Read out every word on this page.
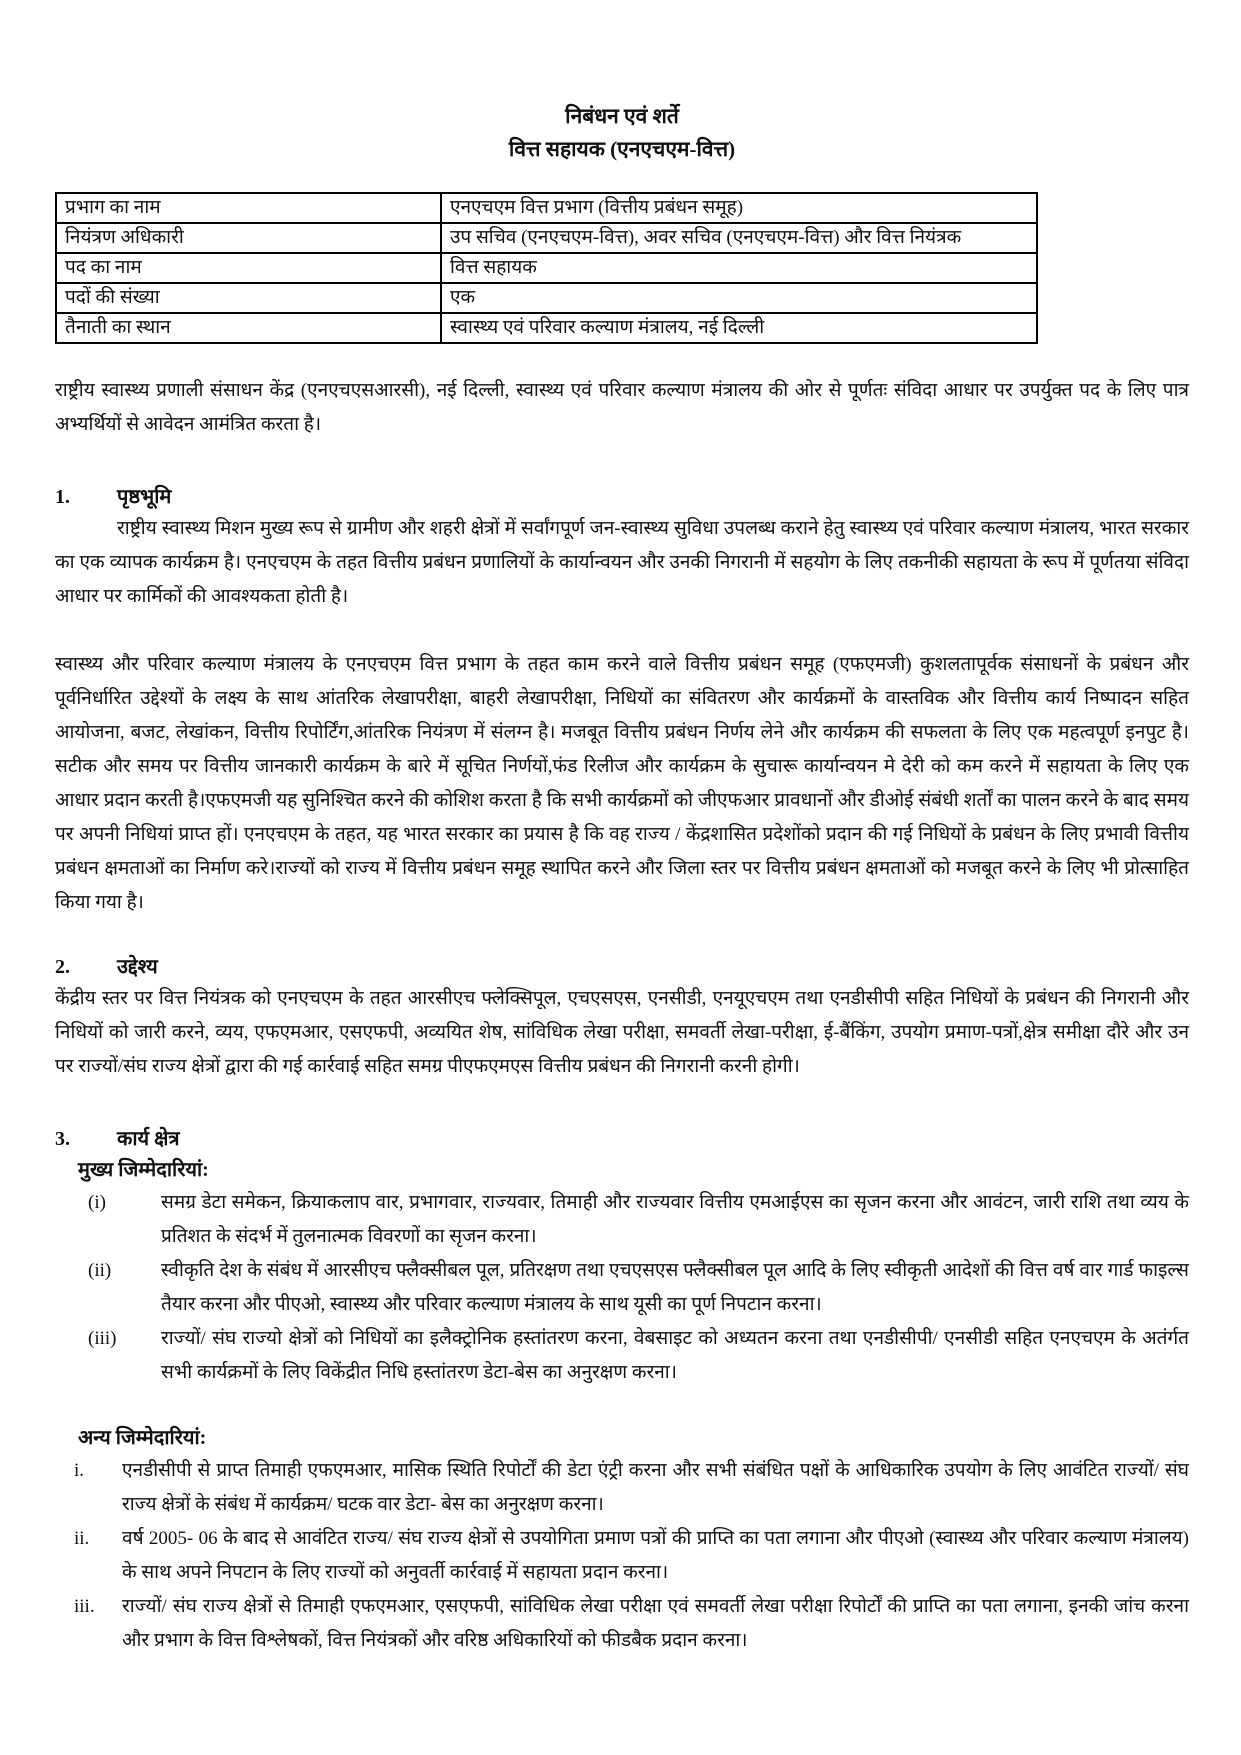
निबंधन एवं शर्ते
वित्त सहायक (एनएचएम-वित्त)
प्रभाग का नाम	एनएचएम वित्त प्रभाग (वित्तीय प्रबंधन समूह)
नियंत्रण अधिकारी	उप सचिव (एनएचएम-वित्त), अवर सचिव (एनएचएम-वित्त) और वित्त नियंत्रक
पद का नाम	वित्त सहायक
पदों की संख्या	एक
तैनाती का स्थान	स्वास्थ्य एवं परिवार कल्याण मंत्रालय, नई दिल्ली

राष्ट्रीय स्वास्थ्य प्रणाली संसाधन केंद्र (एनएचएसआरसी), नई दिल्ली, स्वास्थ्य एवं परिवार कल्याण मंत्रालय की ओर से पूर्णतः संविदा आधार पर उपर्युक्त पद के लिए पात्र अभ्यर्थियों से आवेदन आमंत्रित करता है।

1.	पृष्ठभूमि

राष्ट्रीय स्वास्थ्य मिशन मुख्य रूप से ग्रामीण और शहरी क्षेत्रों में सर्वांगपूर्ण जन-स्वास्थ्य सुविधा उपलब्ध कराने हेतु स्वास्थ्य एवं परिवार कल्याण मंत्रालय, भारत सरकार का एक व्यापक कार्यक्रम है। एनएचएम के तहत वित्तीय प्रबंधन प्रणालियों के कार्यान्वयन और उनकी निगरानी में सहयोग के लिए तकनीकी सहायता के रूप में पूर्णतया संविदा आधार पर कार्मिकों की आवश्यकता होती है।

स्वास्थ्य और परिवार कल्याण मंत्रालय के एनएचएम वित्त प्रभाग के तहत काम करने वाले वित्तीय प्रबंधन समूह (एफएमजी) कुशलतापूर्वक संसाधनों के प्रबंधन और पूर्वनिर्धारित उद्देश्यों के लक्ष्य के साथ आंतरिक लेखापरीक्षा, बाहरी लेखापरीक्षा, निधियों का संवितरण और कार्यक्रमों के वास्तविक और वित्तीय कार्य निष्पादन सहित आयोजना, बजट, लेखांकन, वित्तीय रिपोर्टिंग,आंतरिक नियंत्रण में संलग्न है। मजबूत वित्तीय प्रबंधन निर्णय लेने और कार्यक्रम की सफलता के लिए एक महत्वपूर्ण इनपुट है।सटीक और समय पर वित्तीय जानकारी कार्यक्रम के बारे में सूचित निर्णयों,फंड रिलीज और कार्यक्रम के सुचारू कार्यान्वयन मे देरी को कम करने में सहायता के लिए एक आधार प्रदान करती है।एफएमजी यह सुनिश्चित करने की कोशिश करता है कि सभी कार्यक्रमों को जीएफआर प्रावधानों और डीओई संबंधी शर्तों का पालन करने के बाद समय पर अपनी निधियां प्राप्त हों। एनएचएम के तहत, यह भारत सरकार का प्रयास है कि वह राज्य / केंद्रशासित प्रदेशोंको प्रदान की गई निधियों के प्रबंधन के लिए प्रभावी वित्तीय प्रबंधन क्षमताओं का निर्माण करे।राज्यों को राज्य में वित्तीय प्रबंधन समूह स्थापित करने और जिला स्तर पर वित्तीय प्रबंधन क्षमताओं को मजबूत करने के लिए भी प्रोत्साहित किया गया है।

2.	उद्देश्य

केंद्रीय स्तर पर वित्त नियंत्रक को एनएचएम के तहत आरसीएच फ्लेक्सिपूल, एचएसएस, एनसीडी, एनयूएचएम तथा एनडीसीपी सहित निधियों के प्रबंधन की निगरानी और निधियों को जारी करने, व्यय, एफएमआर, एसएफपी, अव्ययित शेष, सांविधिक लेखा परीक्षा, समवर्ती लेखा-परीक्षा, ई-बैंकिंग, उपयोग प्रमाण-पत्रों,क्षेत्र समीक्षा दौरे और उन पर राज्यों/संघ राज्य क्षेत्रों द्वारा की गई कार्रवाई सहित समग्र पीएफएमएस वित्तीय प्रबंधन की निगरानी करनी होगी।

3.	कार्य क्षेत्र
मुख्य जिम्मेदारियां:
(i)	समग्र डेटा समेकन, क्रियाकलाप वार, प्रभागवार, राज्यवार, तिमाही और राज्यवार वित्तीय एमआईएस का सृजन करना और आवंटन, जारी राशि तथा व्यय के प्रतिशत के संदर्भ में तुलनात्मक विवरणों का सृजन करना।

(ii)	स्वीकृति देश के संबंध में आरसीएच फ्लैक्सीबल पूल, प्रतिरक्षण तथा एचएसएस फ्लैक्सीबल पूल आदि के लिए स्वीकृती आदेशों की वित्त वर्ष वार गार्ड फाइल्स तैयार करना और पीएओ, स्वास्थ्य और परिवार कल्याण मंत्रालय के साथ यूसी का पूर्ण निपटान करना।

(iii)	राज्यों/ संघ राज्यो क्षेत्रों को निधियों का इलैक्ट्रोनिक हस्तांतरण करना, वेबसाइट को अध्यतन करना तथा एनडीसीपी/ एनसीडी सहित एनएचएम के अतंर्गत सभी कार्यक्रमों के लिए विकेंद्रीत निधि हस्तांतरण डेटा-बेस का अनुरक्षण करना।

अन्य जिम्मेदारियां:
i.	एनडीसीपी से प्राप्त तिमाही एफएमआर, मासिक स्थिति रिपोर्टों की डेटा एंट्री करना और सभी संबंधित पक्षों के आधिकारिक उपयोग के लिए आवंटित राज्यों/ संघ राज्य क्षेत्रों के संबंध में कार्यक्रम/ घटक वार डेटा- बेस का अनुरक्षण करना।

ii.	वर्ष 2005- 06 के बाद से आवंटित राज्य/ संघ राज्य क्षेत्रों से उपयोगिता प्रमाण पत्रों की प्राप्ति का पता लगाना और पीएओ (स्वास्थ्य और परिवार कल्याण मंत्रालय) के साथ अपने निपटान के लिए राज्यों को अनुवर्ती कार्रवाई में सहायता प्रदान करना।

iii.	राज्यों/ संघ राज्य क्षेत्रों से तिमाही एफएमआर, एसएफपी, सांविधिक लेखा परीक्षा एवं समवर्ती लेखा परीक्षा रिपोर्टों की प्राप्ति का पता लगाना, इनकी जांच करना और प्रभाग के वित्त विश्लेषकों, वित्त नियंत्रकों और वरिष्ठ अधिकारियों को फीडबैक प्रदान करना।
